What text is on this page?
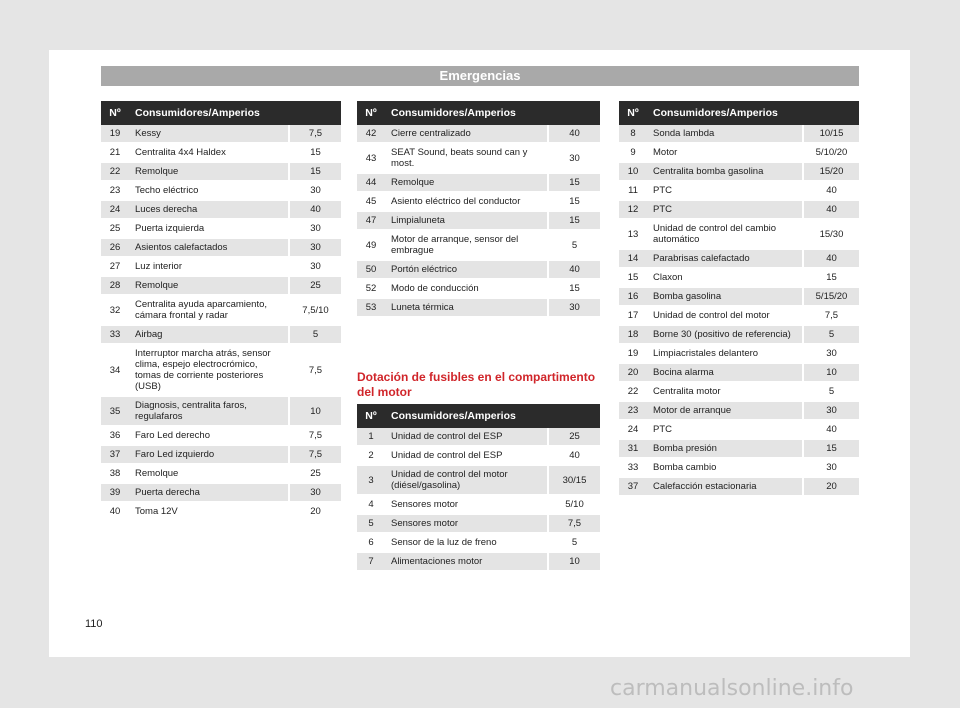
Emergencias
Nº	Consumidores/Amperios	
19	Kessy	7,5
21	Centralita 4x4 Haldex	15
22	Remolque	15
23	Techo eléctrico	30
24	Luces derecha	40
25	Puerta izquierda	30
26	Asientos calefactados	30
27	Luz interior	30
28	Remolque	25
32	Centralita ayuda aparcamiento, cámara frontal y radar	7,5/10
33	Airbag	5
34	Interruptor marcha atrás, sensor clima, espejo electrocrómico, tomas de corriente posteriores (USB)	7,5
35	Diagnosis, centralita faros, regulafaros	10
36	Faro Led derecho	7,5
37	Faro Led izquierdo	7,5
38	Remolque	25
39	Puerta derecha	30
40	Toma 12V	20
Nº	Consumidores/Amperios	
42	Cierre centralizado	40
43	SEAT Sound, beats sound can y most.	30
44	Remolque	15
45	Asiento eléctrico del conductor	15
47	Limpialuneta	15
49	Motor de arranque, sensor del embrague	5
50	Portón eléctrico	40
52	Modo de conducción	15
53	Luneta térmica	30
Dotación de fusibles en el compartimento del motor
Nº	Consumidores/Amperios	
1	Unidad de control del ESP	25
2	Unidad de control del ESP	40
3	Unidad de control del motor (diésel/gasolina)	30/15
4	Sensores motor	5/10
5	Sensores motor	7,5
6	Sensor de la luz de freno	5
7	Alimentaciones motor	10
Nº	Consumidores/Amperios	
8	Sonda lambda	10/15
9	Motor	5/10/20
10	Centralita bomba gasolina	15/20
11	PTC	40
12	PTC	40
13	Unidad de control del cambio automático	15/30
14	Parabrisas calefactado	40
15	Claxon	15
16	Bomba gasolina	5/15/20
17	Unidad de control del motor	7,5
18	Borne 30 (positivo de referencia)	5
19	Limpiacristales delantero	30
20	Bocina alarma	10
22	Centralita motor	5
23	Motor de arranque	30
24	PTC	40
31	Bomba presión	15
33	Bomba cambio	30
37	Calefacción estacionaria	20
110
carmanualsonline.info
